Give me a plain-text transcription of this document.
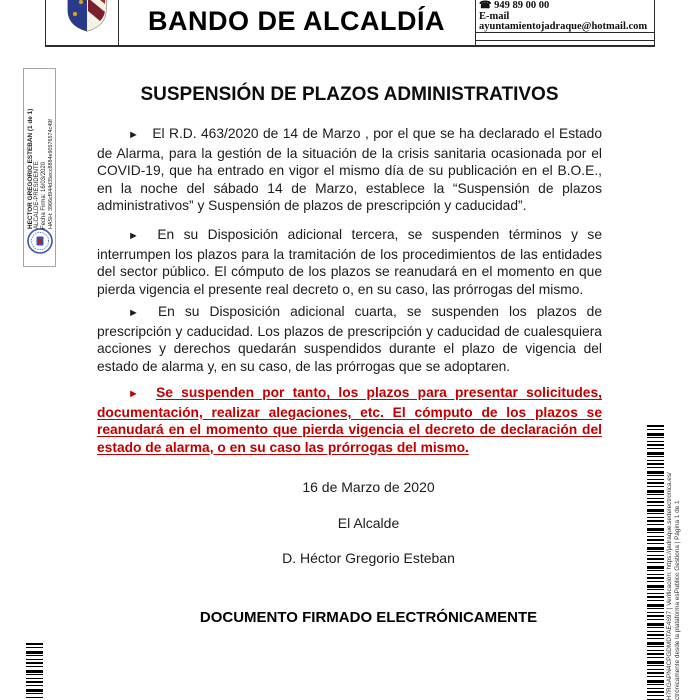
BANDO DE ALCALDÍA
☎ 949 89 00 00
E-mail
ayuntamientojadraque@hotmail.com
HECTOR GREGORIO ESTEBAN (1 de 1) ALCALDE-PRESIDENTE Fecha Firma: 16/03/2020 HASH: 3966cf944d35ecc8884e90576574c49f
SUSPENSIÓN DE PLAZOS ADMINISTRATIVOS

► El R.D. 463/2020 de 14 de Marzo , por el que se ha declarado el Estado de Alarma, para la gestión de la situación de la crisis sanitaria ocasionada por el COVID-19, que ha entrado en vigor el mismo día de su publicación en el B.O.E., en la noche del sábado 14 de Marzo, establece la “Suspensión de plazos administrativos” y Suspensión de plazos de prescripción y caducidad”.

► En su Disposición adicional tercera, se suspenden términos y se interrumpen los plazos para la tramitación de los procedimientos de las entidades del sector público. El cómputo de los plazos se reanudará en el momento en que pierda vigencia el presente real decreto o, en su caso, las prórrogas del mismo.

► En su Disposición adicional cuarta, se suspenden los plazos de prescripción y caducidad. Los plazos de prescripción y caducidad de cualesquiera acciones y derechos quedarán suspendidos durante el plazo de vigencia del estado de alarma y, en su caso, de las prórrogas que se adoptaren.

► Se suspenden por tanto, los plazos para presentar solicitudes, documentación, realizar alegaciones, etc. El cómputo de los plazos se reanudará en el momento que pierda vigencia el decreto de declaración del estado de alarma, o en su caso las prórrogas del mismo.

16 de Marzo de 2020
El Alcalde
D. Héctor Gregorio Esteban
DOCUMENTO FIRMADO ELECTRÓNICAMENTE	H7RGAPN4CPGDMDTAE4697 | Verificación: https://jadraque.sedelectronica.es/ ctrónicamente desde la plataforma esPublico Gestiona | Página 1 de 1
